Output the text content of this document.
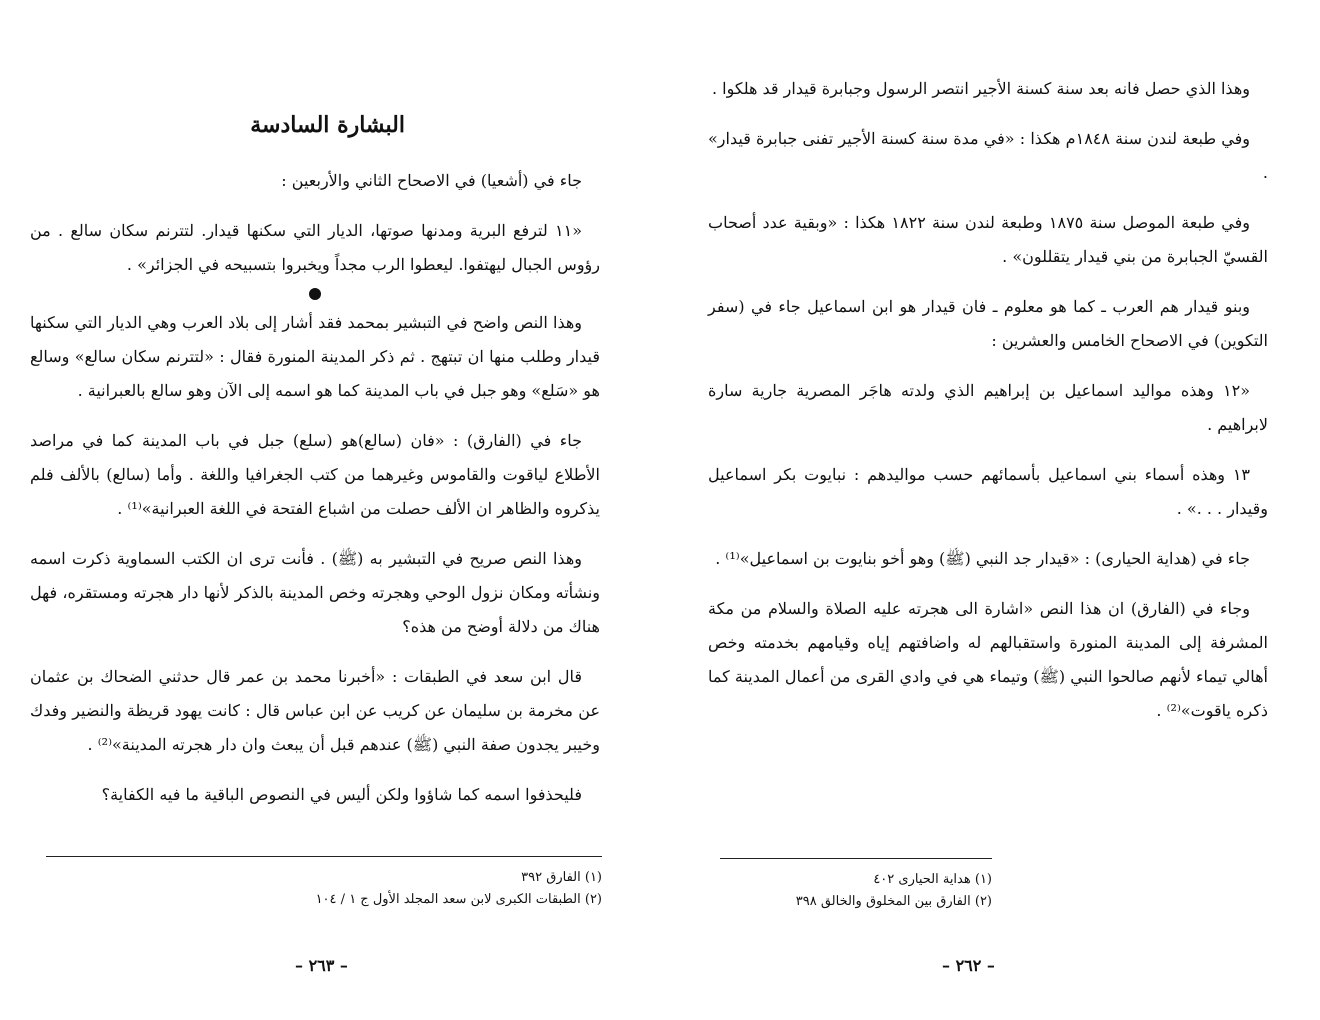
البشارة السادسة

جاء في (أشعيا) في الاصحاح الثاني والأربعين :

«١١ لترفع البرية ومدنها صوتها، الديار التي سكنها قيدار. لتترنم سكان سالع . من رؤوس الجبال ليهتفوا. ليعطوا الرب مجداً ويخبروا بتسبيحه في الجزائر» .

وهذا النص واضح في التبشير بمحمد فقد أشار إلى بلاد العرب وهي الديار التي سكنها قيدار وطلب منها ان تبتهج . ثم ذكر المدينة المنورة فقال : «لتترنم سكان سالع» وسالع هو «سَلع» وهو جبل في باب المدينة كما هو اسمه إلى الآن وهو سالع بالعبرانية .

جاء في (الفارق) : «فان (سالع)هو (سلع) جبل في باب المدينة كما في مراصد الأطلاع لياقوت والقاموس وغيرهما من كتب الجغرافيا واللغة . وأما (سالع) بالألف فلم يذكروه والظاهر ان الألف حصلت من اشباع الفتحة في اللغة العبرانية»⁽¹⁾ .

وهذا النص صريح في التبشير به (ﷺ) . فأنت ترى ان الكتب السماوية ذكرت اسمه ونشأته ومكان نزول الوحي وهجرته وخص المدينة بالذكر لأنها دار هجرته ومستقره، فهل هناك من دلالة أوضح من هذه؟

قال ابن سعد في الطبقات : «أخبرنا محمد بن عمر قال حدثني الضحاك بن عثمان عن مخرمة بن سليمان عن كريب عن ابن عباس قال : كانت يهود قريظة والنضير وفدك وخيبر يجدون صفة النبي (ﷺ) عندهم قبل أن يبعث وان دار هجرته المدينة»⁽²⁾ .

فليحذفوا اسمه كما شاؤوا ولكن أليس في النصوص الباقية ما فيه الكفاية؟

(١) الفارق ٣٩٢
(٢) الطبقات الكبرى لابن سعد المجلد الأول ج ١ / ١٠٤
– ٢٦٣ –

وهذا الذي حصل فانه بعد سنة كسنة الأجير انتصر الرسول وجبابرة قيدار قد هلكوا .

وفي طبعة لندن سنة ١٨٤٨م هكذا : «في مدة سنة كسنة الأجير تفنى جبابرة قيدار» .

وفي طبعة الموصل سنة ١٨٧٥ وطبعة لندن سنة ١٨٢٢ هكذا : «وبقية عدد أصحاب القسيّ الجبابرة من بني قيدار يتقللون» .

وبنو قيدار هم العرب ـ كما هو معلوم ـ فان قيدار هو ابن اسماعيل جاء في (سفر التكوين) في الاصحاح الخامس والعشرين :

«١٢ وهذه مواليد اسماعيل بن إبراهيم الذي ولدته هاجَر المصرية جارية سارة لابراهيم .

١٣ وهذه أسماء بني اسماعيل بأسمائهم حسب مواليدهم : نبايوت بكر اسماعيل وقيدار . . .» .

جاء في (هداية الحيارى) : «قيدار جد النبي (ﷺ) وهو أخو بنايوت بن اسماعيل»⁽¹⁾ .

وجاء في (الفارق) ان هذا النص «اشارة الى هجرته عليه الصلاة والسلام من مكة المشرفة إلى المدينة المنورة واستقبالهم له واضافتهم إياه وقيامهم بخدمته وخص أهالي تيماء لأنهم صالحوا النبي (ﷺ) وتيماء هي في وادي القرى من أعمال المدينة كما ذكره ياقوت»⁽²⁾ .

(١) هداية الحيارى ٤٠٢
(٢) الفارق بين المخلوق والخالق ٣٩٨
– ٢٦٢ –
